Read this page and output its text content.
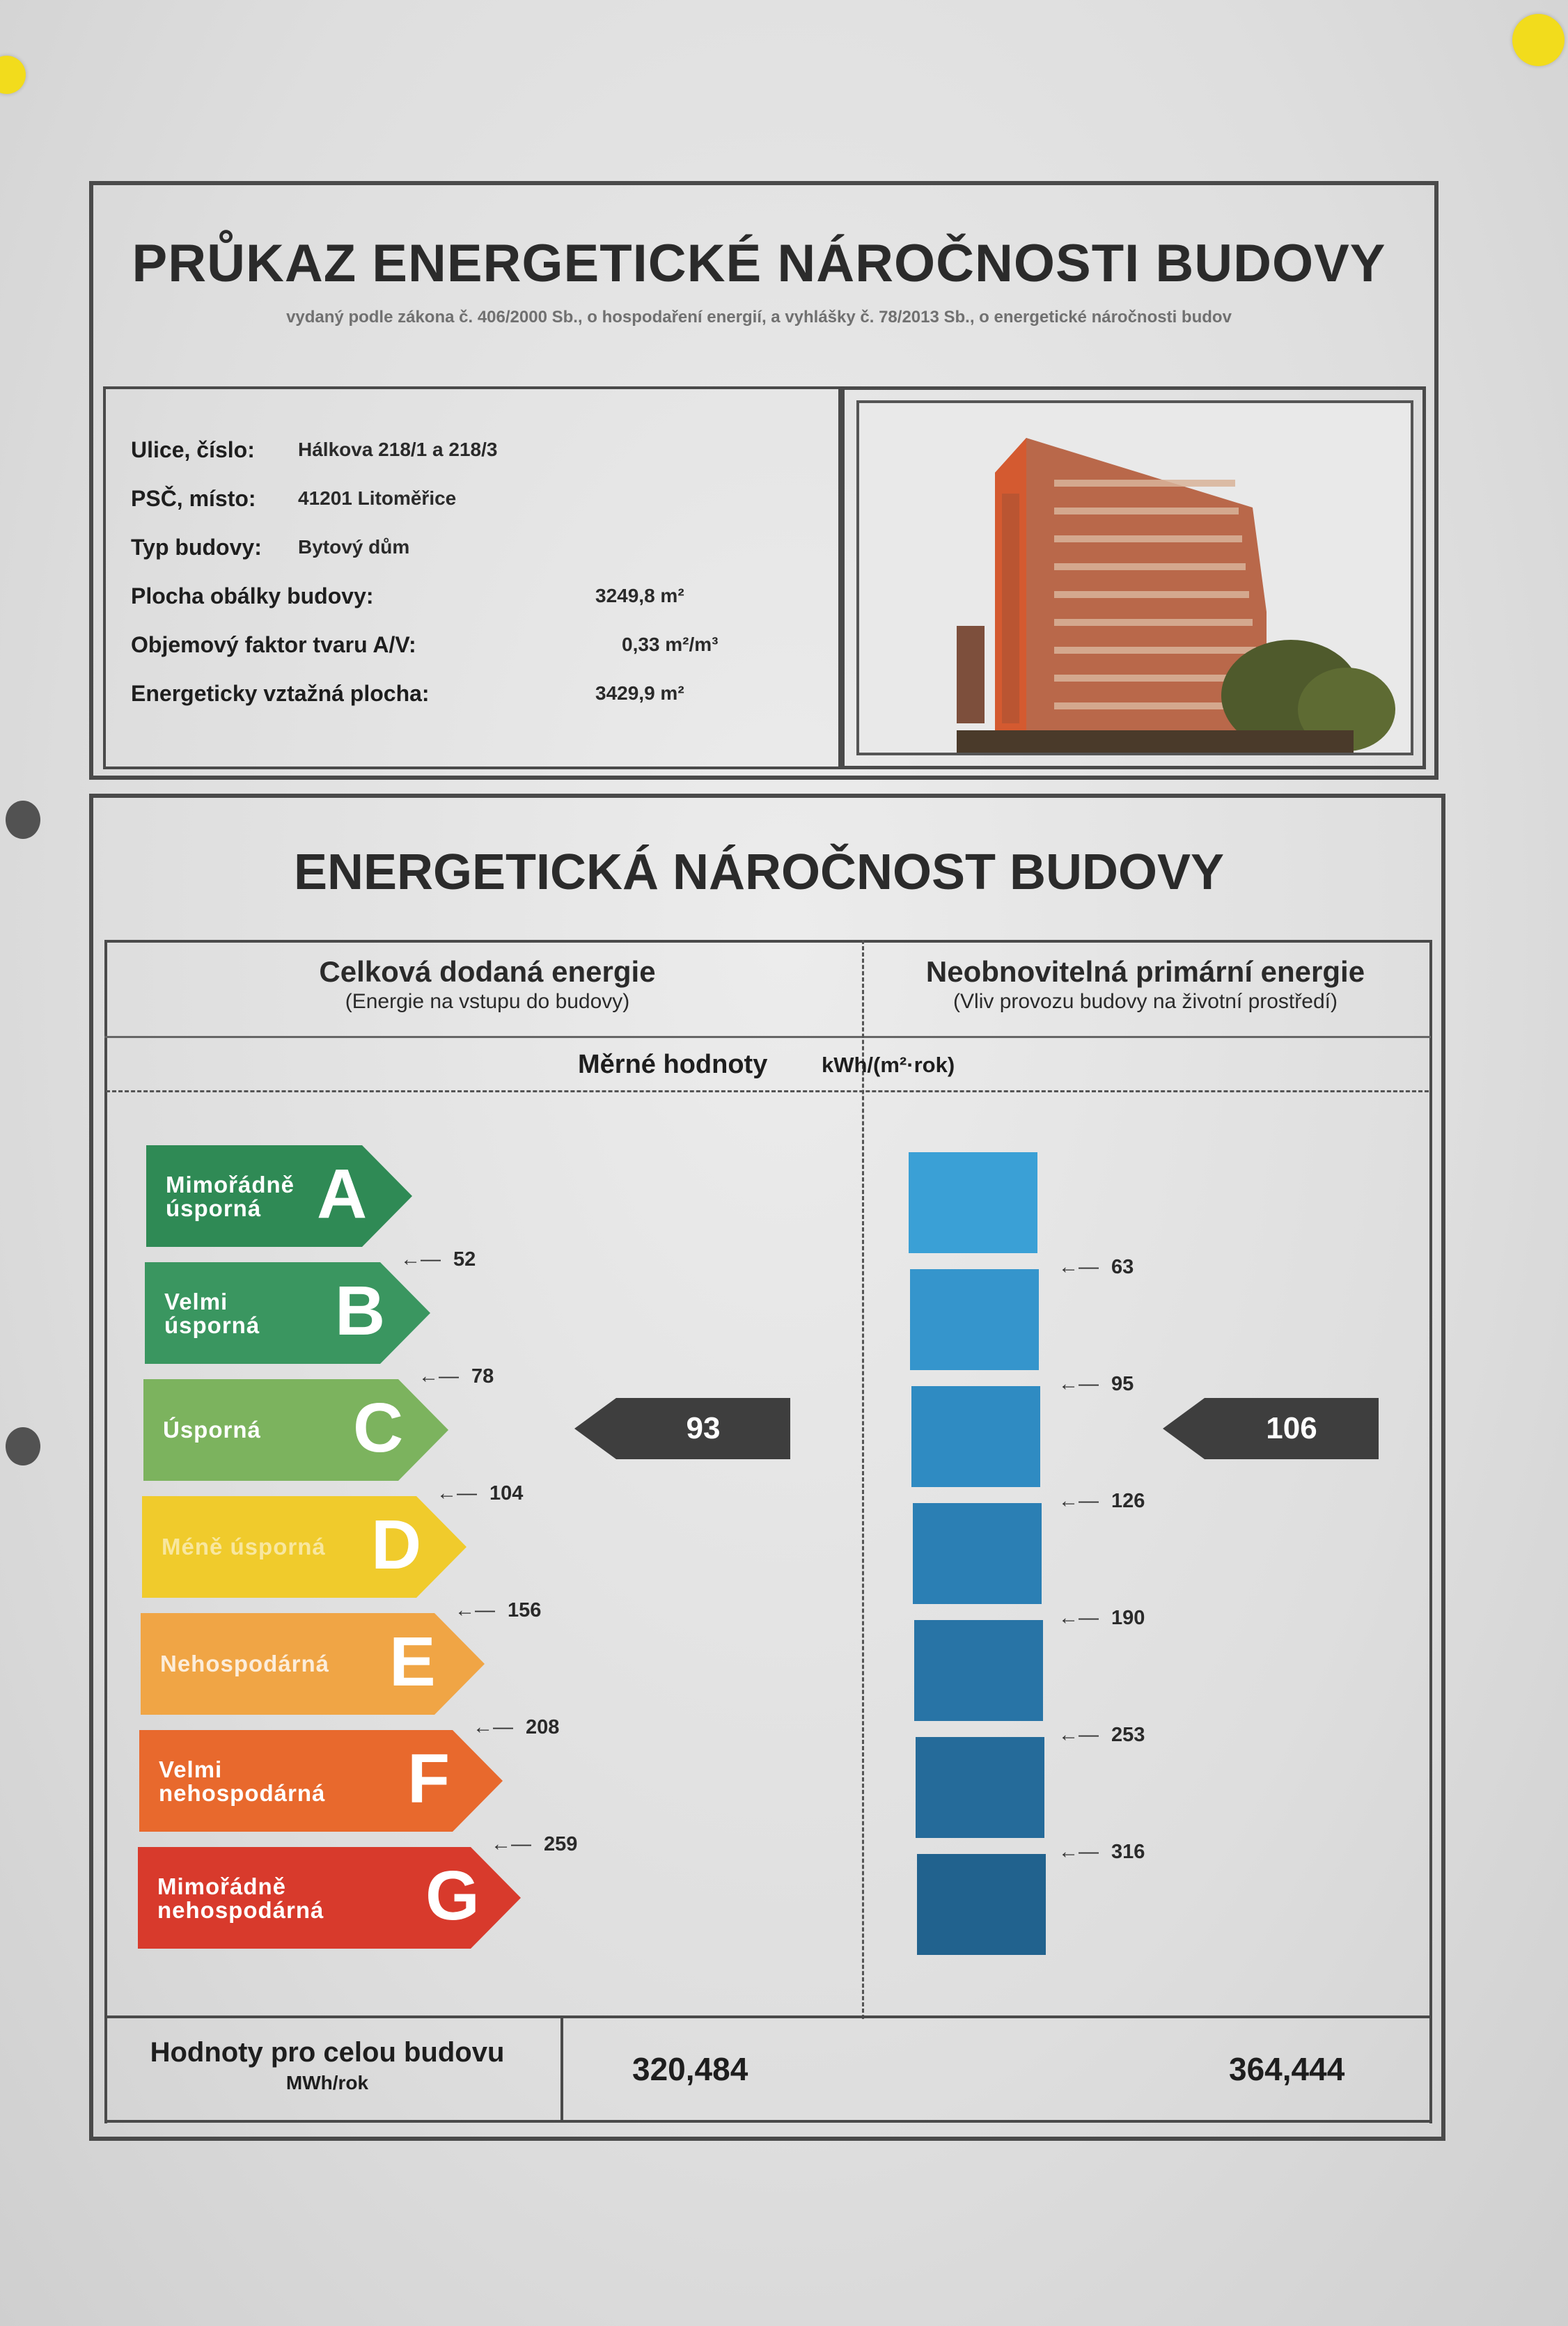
PRŮKAZ ENERGETICKÉ NÁROČNOSTI BUDOVY
vydaný podle zákona č. 406/2000 Sb., o hospodaření energií, a vyhlášky č. 78/2013 Sb., o energetické náročnosti budov
Ulice, číslo: Hálkova 218/1 a 218/3
PSČ, místo: 41201 Litoměřice
Typ budovy: Bytový dům
Plocha obálky budovy:	3249,8 m²
Objemový faktor tvaru A/V:	0,33 m²/m³
Energeticky vztažná plocha:	3429,9 m²
ENERGETICKÁ NÁROČNOST BUDOVY
Celková dodaná energie
(Energie na vstupu do budovy)
Neobnovitelná primární energie
(Vliv provozu budovy na životní prostředí)
Měrné hodnoty	kWh/(m²·rok)
Mimořádně
úsporná A
←— 52
Velmi
úsporná B
←— 78
Úsporná C
←— 104
Méně úsporná D
←— 156
Nehospodárná E
←— 208
Velmi
nehospodárná F
←— 259
Mimořádně
nehospodárná G
←— 63
←— 95
←— 126
←— 190
←— 253
←— 316
93	106
Hodnoty pro celou budovu
MWh/rok	320,484	364,444
